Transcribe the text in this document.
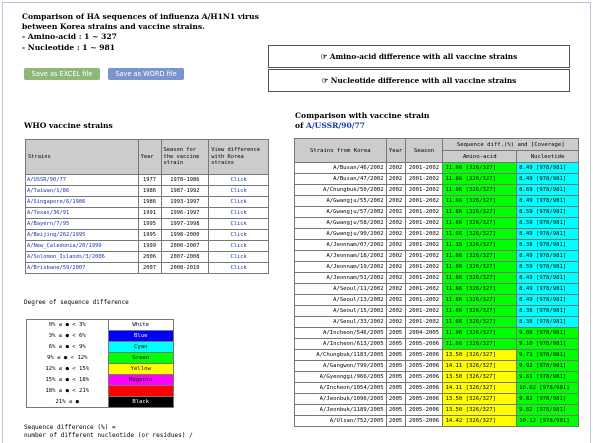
Comparison of HA sequences of influenza A/H1N1 virus
between Korea strains and vaccine strains.
- Amino-acid : 1 ~ 327
- Nucleotide : 1 ~ 981
Save as EXCEL file	Save as WORD file
☞ Amino-acid difference with all vaccine strains
☞ Nucleotide difference with all vaccine strains
WHO vaccine strains
Strains	Year	Season for the vaccine strain	View difference with Korea strains
A/USSR/90/77	1977	1978-1986	Click
A/Taiwan/1/86	1986	1987-1992	Click
A/Singapore/6/1986	1986	1993-1997	Click
A/Texas/36/91	1991	1996-1997	Click
A/Bayern/7/95	1995	1997-1998	Click
A/Beijing/262/1995	1995	1998-2000	Click
A/New_Caledonia/20/1999	1999	2000-2007	Click
A/Solomon_Islands/3/2006	2006	2007-2008	Click
A/Brisbane/59/2007	2007	2008-2010	Click
Degree of sequence difference
0% ≤ ● < 3%	White
3% ≤ ● < 6%	Blue
6% ≤ ● < 9%	Cyan
9% ≤ ● < 12%	Green
12% ≤ ● < 15%	Yellow
15% ≤ ● < 18%	Magenta
18% ≤ ● < 21%	Red
21% ≤ ●	Black
Sequence difference (%) =
number of different nucleotide (or residues) /
Comparison with vaccine strain
of A/USSR/90/77
Strains from Korea	Year	Season	Sequence diff.(%) and [Coverage]	
			Amino-acid	Nucleotide
A/Busan/46/2002	2002	2001-2002	11.66 [326/327]	8.49 [978/981]
A/Busan/47/2002	2002	2001-2002	11.66 [326/327]	8.49 [978/981]
A/Chungbuk/50/2002	2002	2001-2002	11.96 [326/327]	8.69 [978/981]
A/Gwangju/55/2002	2002	2001-2002	11.66 [326/327]	8.49 [978/981]
A/Gwangju/57/2002	2002	2001-2002	11.66 [326/327]	8.59 [978/981]
A/Gwangju/58/2002	2002	2001-2002	11.66 [326/327]	8.59 [978/981]
A/Gwangju/90/2002	2002	2001-2002	11.66 [326/327]	8.49 [978/981]
A/Jeonnam/07/2002	2002	2001-2002	11.35 [326/327]	8.38 [978/981]
A/Jeonnam/18/2002	2002	2001-2002	11.66 [326/327]	8.49 [978/981]
A/Jeonnam/19/2002	2002	2001-2002	11.66 [326/327]	8.59 [978/981]
A/Jeonnam/51/2002	2002	2001-2002	11.66 [326/327]	8.49 [978/981]
A/Seoul/11/2002	2002	2001-2002	11.66 [326/327]	8.49 [978/981]
A/Seoul/13/2002	2002	2001-2002	11.66 [326/327]	8.49 [978/981]
A/Seoul/15/2002	2002	2001-2002	11.66 [326/327]	8.38 [978/981]
A/Seoul/33/2002	2002	2001-2002	11.66 [326/327]	8.38 [978/981]
A/Incheon/546/2005	2005	2004-2005	11.96 [326/327]	9.00 [978/981]
A/Incheon/613/2005	2005	2005-2006	11.66 [326/327]	9.10 [978/981]
A/Chungbuk/1183/2005	2005	2005-2006	13.50 [326/327]	9.71 [978/981]
A/Gangwon/799/2005	2005	2005-2006	14.11 [326/327]	9.92 [978/981]
A/Gyeonggi/966/2005	2005	2005-2006	13.50 [326/327]	9.61 [978/981]
A/Incheon/1054/2005	2005	2005-2006	14.11 [326/327]	10.02 [978/981]
A/Jeonbuk/1096/2005	2005	2005-2006	13.50 [326/327]	9.82 [978/981]
A/Jeonbuk/1189/2005	2005	2005-2006	13.50 [326/327]	9.82 [978/981]
A/Ulsan/752/2005	2005	2005-2006	14.42 [326/327]	10.12 [978/981]
